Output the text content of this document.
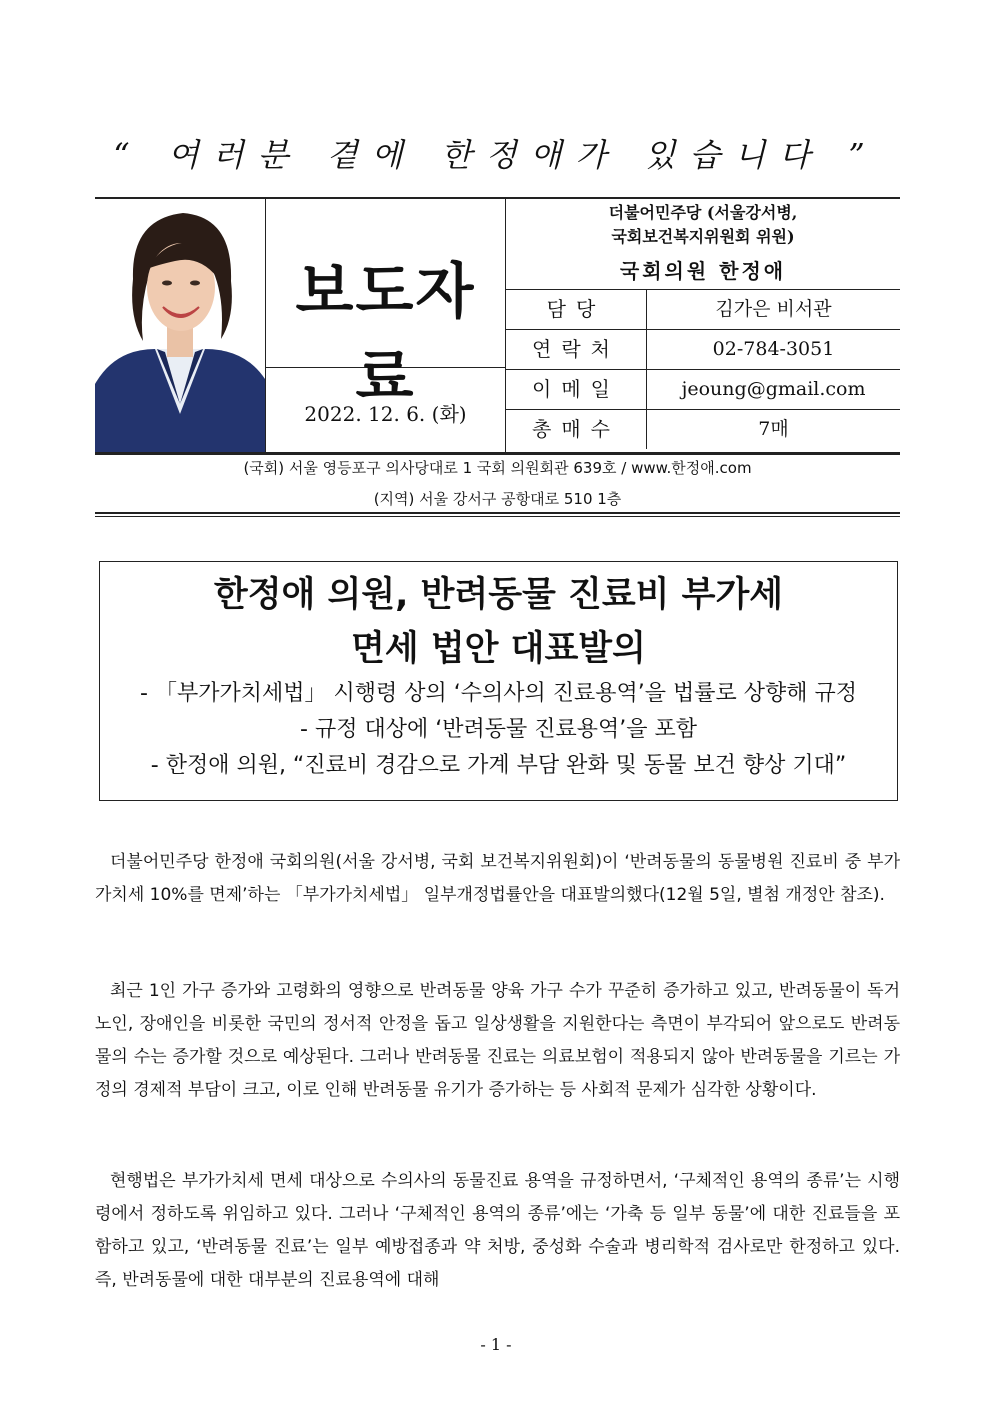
“ 여러분 곁에 한정애가 있습니다 ”
보도자료
2022. 12. 6. (화)
더불어민주당 (서울강서병,
국회보건복지위원회 위원)
국회의원 한정애
담당	김가은 비서관
연락처	02-784-3051
이메일	jeoung@gmail.com
총매수	7매
(국회) 서울 영등포구 의사당대로 1 국회 의원회관 639호 / www.한정애.com
(지역) 서울 강서구 공항대로 510 1층
한정애 의원, 반려동물 진료비 부가세
면세 법안 대표발의
- 「부가가치세법」 시행령 상의 ‘수의사의 진료용역’을 법률로 상향해 규정
- 규정 대상에 ‘반려동물 진료용역’을 포함
- 한정애 의원, “진료비 경감으로 가계 부담 완화 및 동물 보건 향상 기대”

더불어민주당 한정애 국회의원(서울 강서병, 국회 보건복지위원회)이 ‘반려동물의 동물병원 진료비 중 부가가치세 10%를 면제’하는 「부가가치세법」 일부개정법률안을 대표발의했다(12월 5일, 별첨 개정안 참조).

최근 1인 가구 증가와 고령화의 영향으로 반려동물 양육 가구 수가 꾸준히 증가하고 있고, 반려동물이 독거노인, 장애인을 비롯한 국민의 정서적 안정을 돕고 일상생활을 지원한다는 측면이 부각되어 앞으로도 반려동물의 수는 증가할 것으로 예상된다. 그러나 반려동물 진료는 의료보험이 적용되지 않아 반려동물을 기르는 가정의 경제적 부담이 크고, 이로 인해 반려동물 유기가 증가하는 등 사회적 문제가 심각한 상황이다.

현행법은 부가가치세 면세 대상으로 수의사의 동물진료 용역을 규정하면서, ‘구체적인 용역의 종류’는 시행령에서 정하도록 위임하고 있다. 그러나 ‘구체적인 용역의 종류’에는 ‘가축 등 일부 동물’에 대한 진료들을 포함하고 있고, ‘반려동물 진료’는 일부 예방접종과 약 처방, 중성화 수술과 병리학적 검사로만 한정하고 있다. 즉, 반려동물에 대한 대부분의 진료용역에 대해

- 1 -
